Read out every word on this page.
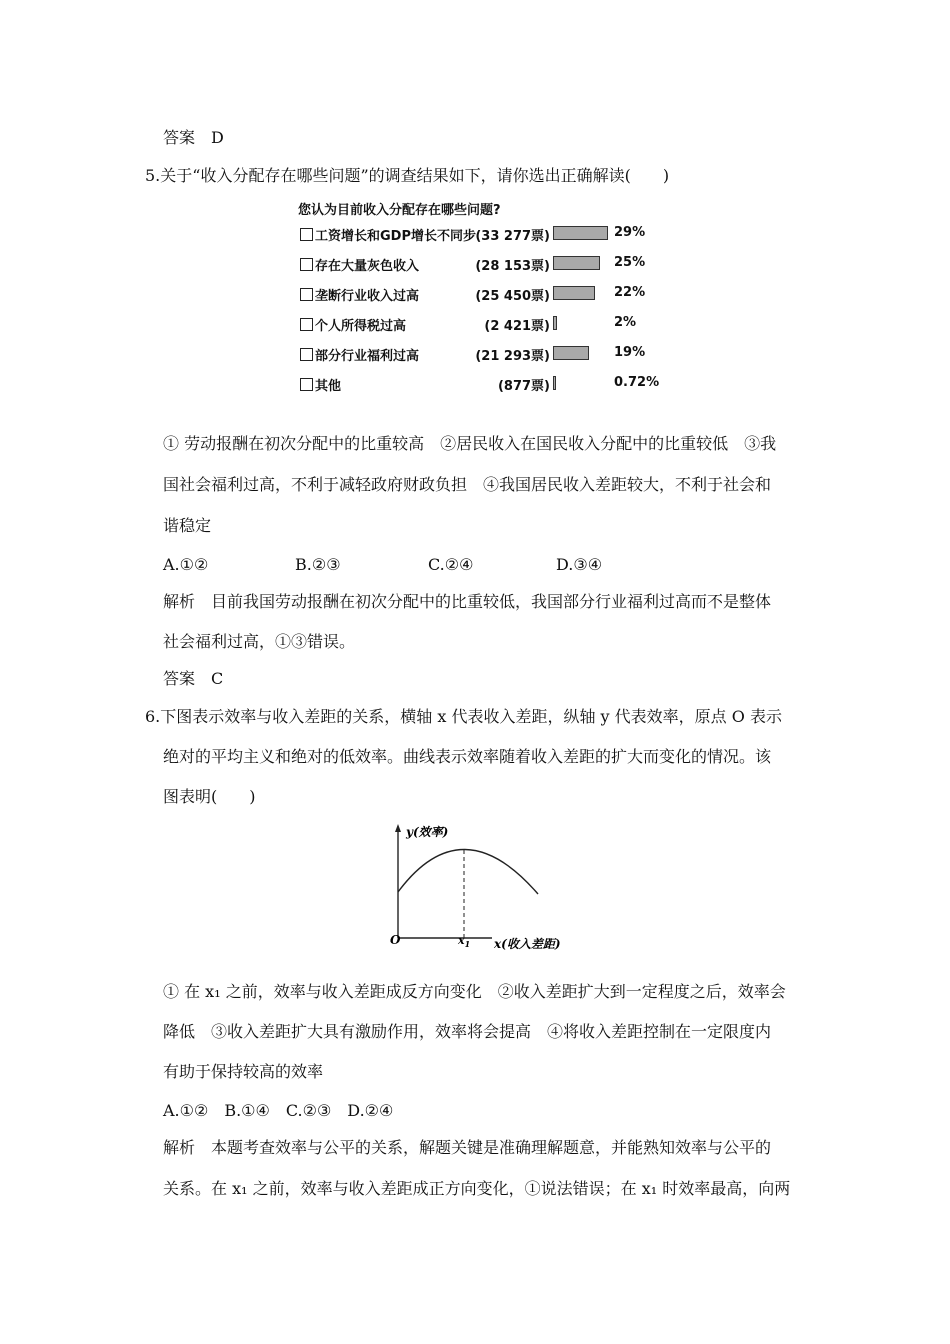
答案　D
5.关于“收入分配存在哪些问题”的调查结果如下，请你选出正确解读(　　)
您认为目前收入分配存在哪些问题?
工资增长和GDP增长不同步 (33 277票)	29%
存在大量灰色收入	(28 153票)	25%
垄断行业收入过高	(25 450票)	22%
个人所得税过高	(2 421票)	2%
部分行业福利过高	(21 293票)	19%
其他	(877票)	0.72%
① 劳动报酬在初次分配中的比重较高　②居民收入在国民收入分配中的比重较低　③我
国社会福利过高，不利于减轻政府财政负担　④我国居民收入差距较大，不利于社会和
谐稳定
A.①②	B.②③	C.②④	D.③④
解析　目前我国劳动报酬在初次分配中的比重较低，我国部分行业福利过高而不是整体
社会福利过高，①③错误。
答案　C
6.下图表示效率与收入差距的关系，横轴 x 代表收入差距，纵轴 y 代表效率，原点 O 表示
绝对的平均主义和绝对的低效率。曲线表示效率随着收入差距的扩大而变化的情况。该
图表明(　　)
y(效率)
O	$x_1$ x(收入差距)
① 在 x₁ 之前，效率与收入差距成反方向变化　②收入差距扩大到一定程度之后，效率会
降低　③收入差距扩大具有激励作用，效率将会提高　④将收入差距控制在一定限度内
有助于保持较高的效率
A.①②　B.①④　C.②③　D.②④
解析　本题考查效率与公平的关系，解题关键是准确理解题意，并能熟知效率与公平的
关系。在 x₁ 之前，效率与收入差距成正方向变化，①说法错误；在 x₁ 时效率最高，向两
